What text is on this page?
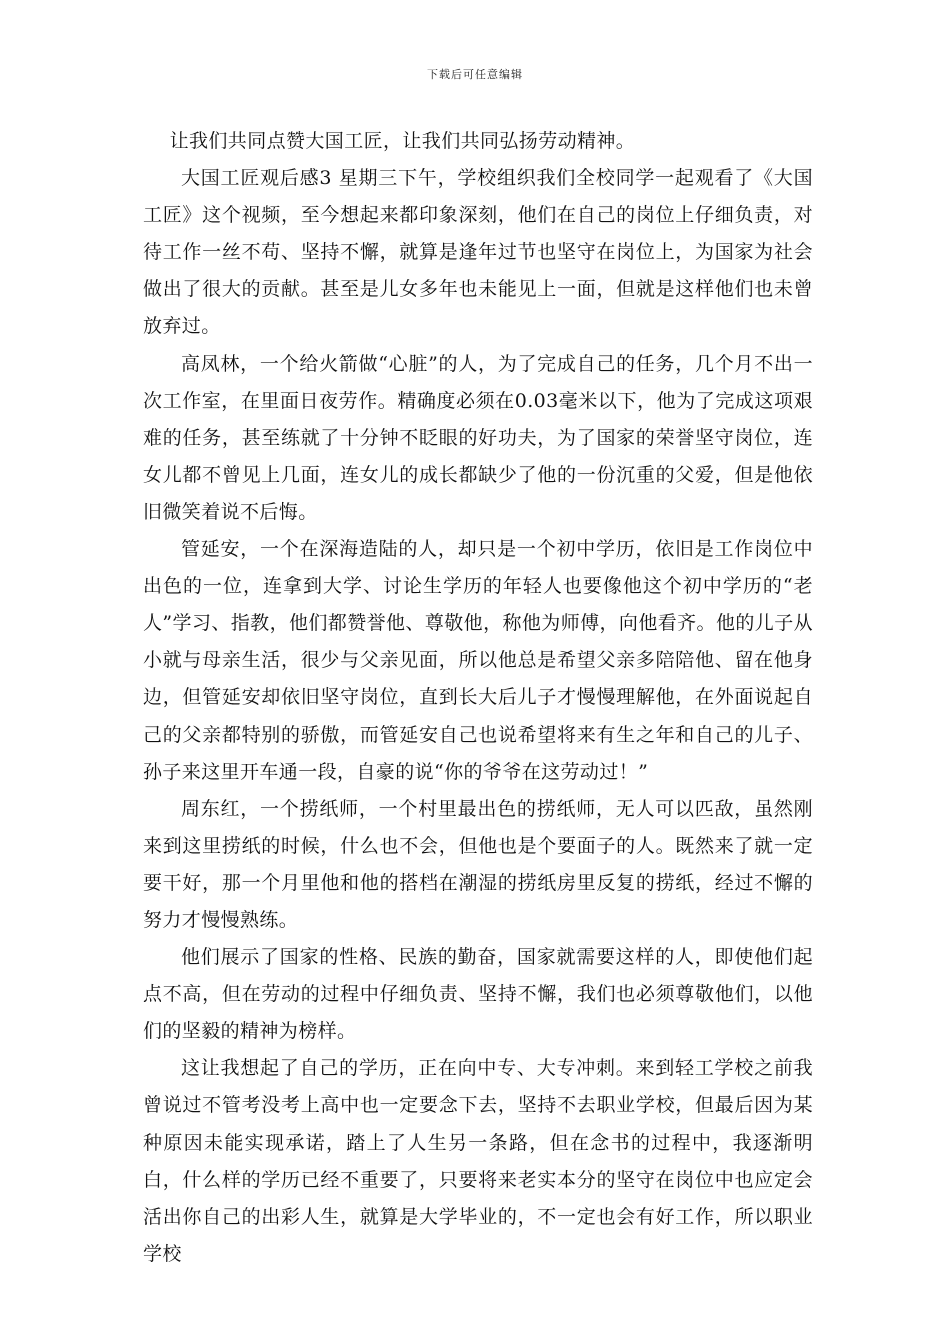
下载后可任意编辑

让我们共同点赞大国工匠，让我们共同弘扬劳动精神。

大国工匠观后感3 星期三下午，学校组织我们全校同学一起观看了《大国工匠》这个视频，至今想起来都印象深刻，他们在自己的岗位上仔细负责，对待工作一丝不苟、坚持不懈，就算是逢年过节也坚守在岗位上，为国家为社会做出了很大的贡献。甚至是儿女多年也未能见上一面，但就是这样他们也未曾放弃过。

高凤林，一个给火箭做“心脏”的人，为了完成自己的任务，几个月不出一次工作室，在里面日夜劳作。精确度必须在0.03毫米以下，他为了完成这项艰难的任务，甚至练就了十分钟不眨眼的好功夫，为了国家的荣誉坚守岗位，连女儿都不曾见上几面，连女儿的成长都缺少了他的一份沉重的父爱，但是他依旧微笑着说不后悔。

管延安，一个在深海造陆的人，却只是一个初中学历，依旧是工作岗位中出色的一位，连拿到大学、讨论生学历的年轻人也要像他这个初中学历的“老人”学习、指教，他们都赞誉他、尊敬他，称他为师傅，向他看齐。他的儿子从小就与母亲生活，很少与父亲见面，所以他总是希望父亲多陪陪他、留在他身边，但管延安却依旧坚守岗位，直到长大后儿子才慢慢理解他，在外面说起自己的父亲都特别的骄傲，而管延安自己也说希望将来有生之年和自己的儿子、孙子来这里开车通一段，自豪的说“你的爷爷在这劳动过！”

周东红，一个捞纸师，一个村里最出色的捞纸师，无人可以匹敌，虽然刚来到这里捞纸的时候，什么也不会，但他也是个要面子的人。既然来了就一定要干好，那一个月里他和他的搭档在潮湿的捞纸房里反复的捞纸，经过不懈的努力才慢慢熟练。

他们展示了国家的性格、民族的勤奋，国家就需要这样的人，即使他们起点不高，但在劳动的过程中仔细负责、坚持不懈，我们也必须尊敬他们，以他们的坚毅的精神为榜样。

这让我想起了自己的学历，正在向中专、大专冲刺。来到轻工学校之前我曾说过不管考没考上高中也一定要念下去，坚持不去职业学校，但最后因为某种原因未能实现承诺，踏上了人生另一条路，但在念书的过程中，我逐渐明白，什么样的学历已经不重要了，只要将来老实本分的坚守在岗位中也应定会活出你自己的出彩人生，就算是大学毕业的，不一定也会有好工作，所以职业学校
